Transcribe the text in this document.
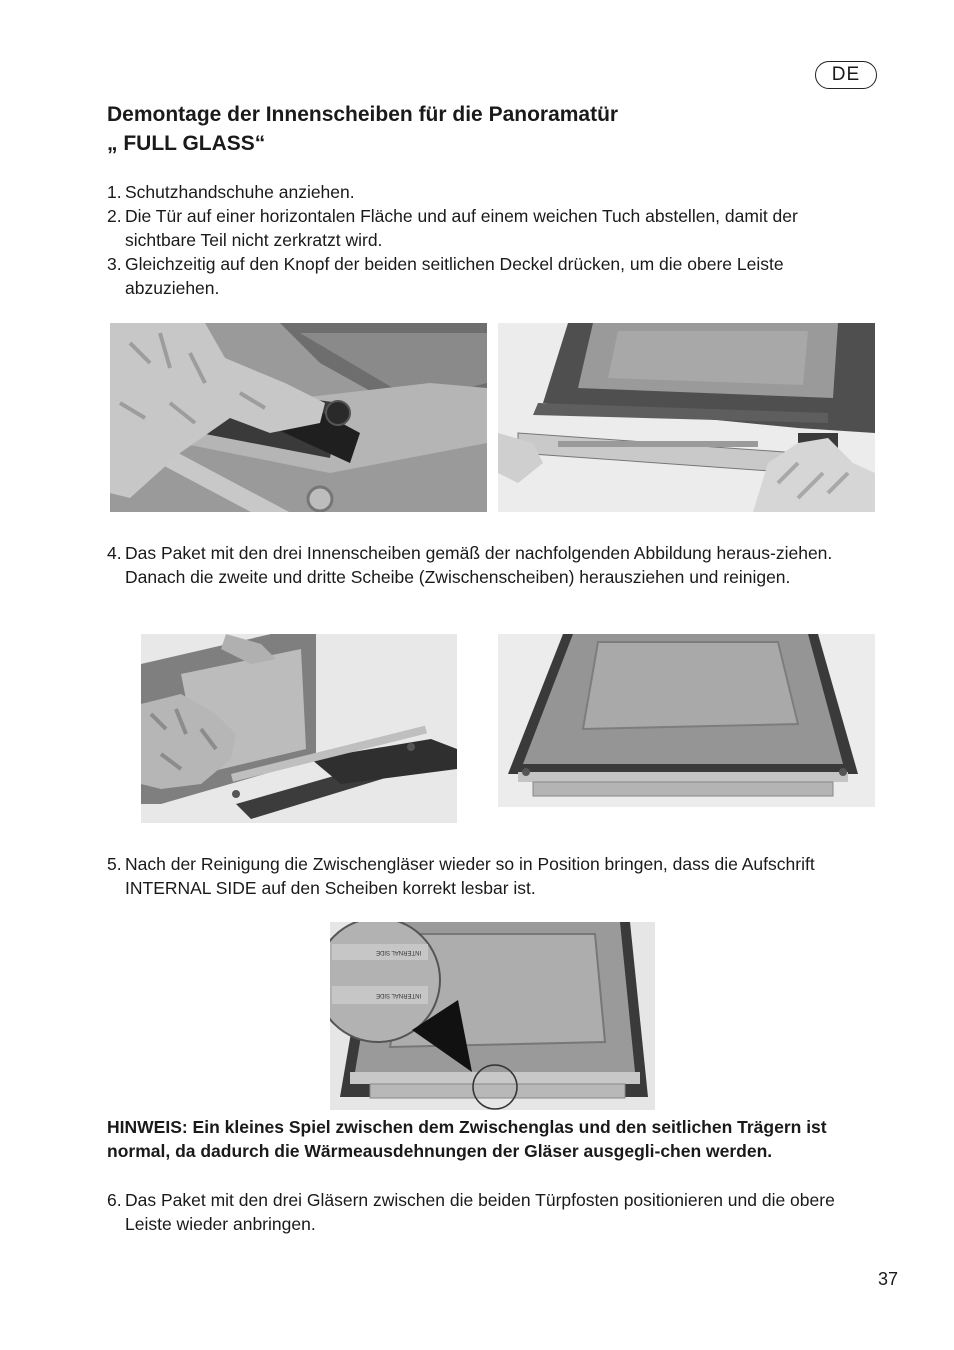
DE
Demontage der Innenscheiben für die Panoramatür
„ FULL GLASS“
1. Schutzhandschuhe anziehen.
2. Die Tür auf einer horizontalen Fläche und auf einem weichen Tuch abstellen, damit der sichtbare Teil nicht zerkratzt wird.
3. Gleichzeitig auf den Knopf der beiden seitlichen Deckel drücken, um die obere Leiste abzuziehen.
4. Das Paket mit den drei Innenscheiben gemäß der nachfolgenden Abbildung heraus-ziehen. Danach die zweite und dritte Scheibe (Zwischenscheiben) herausziehen und reinigen.
5. Nach der Reinigung die Zwischengläser wieder so in Position bringen, dass die Aufschrift INTERNAL SIDE auf den Scheiben korrekt lesbar ist.
INTERNAL SIDE
INTERNAL SIDE

HINWEIS: Ein kleines Spiel zwischen dem Zwischenglas und den seitlichen Trägern ist normal, da dadurch die Wärmeausdehnungen der Gläser ausgegli-chen werden.

6. Das Paket mit den drei Gläsern zwischen die beiden Türpfosten positionieren und die obere Leiste wieder anbringen.
37
